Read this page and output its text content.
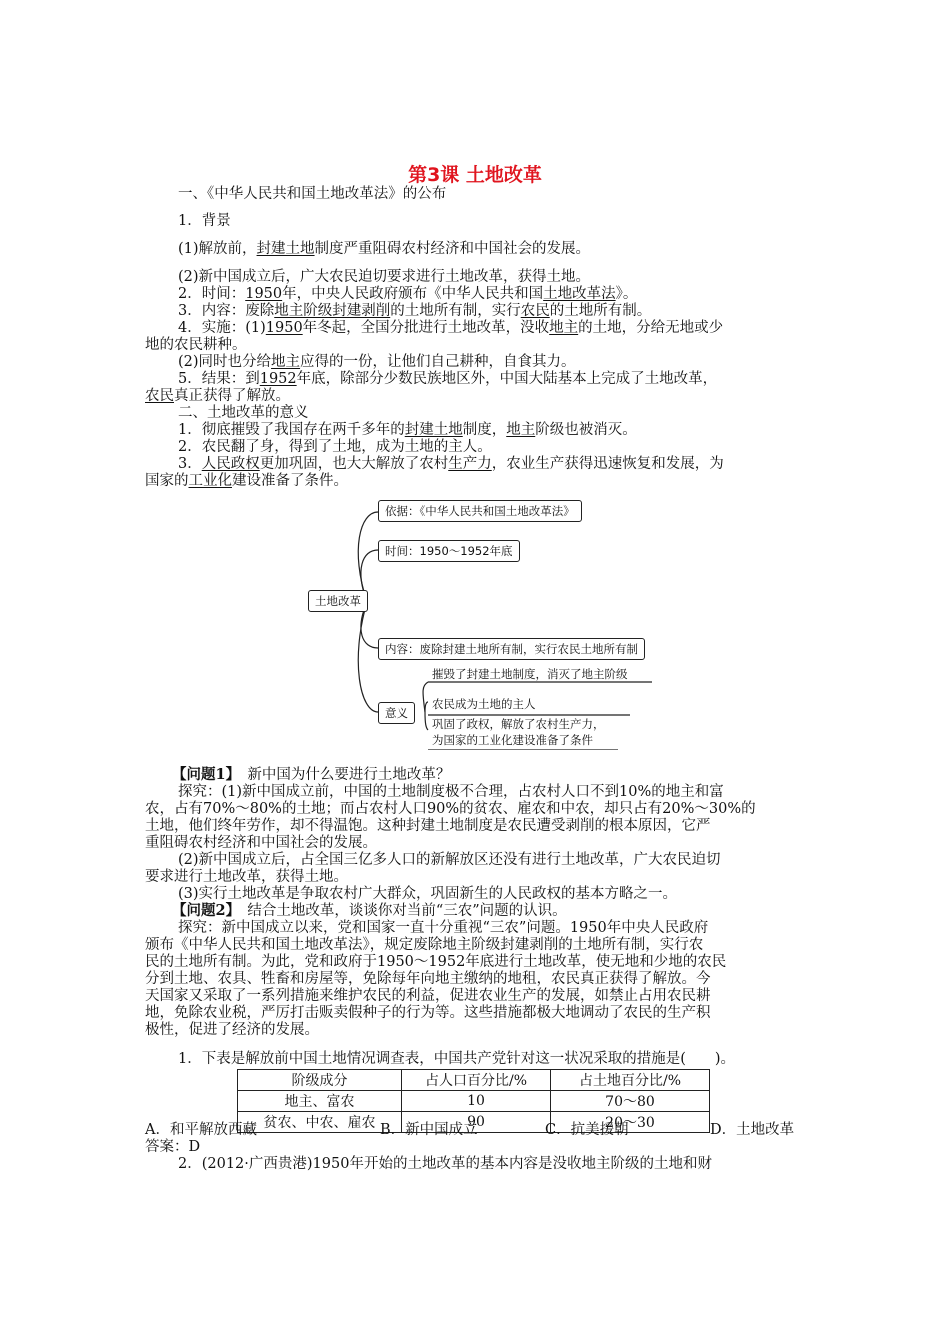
第3课 土地改革
一、《中华人民共和国土地改革法》的公布
1．背景
(1)解放前，封建土地制度严重阻碍农村经济和中国社会的发展。
(2)新中国成立后，广大农民迫切要求进行土地改革，获得土地。
2．时间：1950年，中央人民政府颁布《中华人民共和国土地改革法》。
3．内容：废除地主阶级封建剥削的土地所有制，实行农民的土地所有制。
4．实施：(1)1950年冬起，全国分批进行土地改革，没收地主的土地，分给无地或少
地的农民耕种。
(2)同时也分给地主应得的一份，让他们自己耕种，自食其力。
5．结果：到1952年底，除部分少数民族地区外，中国大陆基本上完成了土地改革，
农民真正获得了解放。
二、土地改革的意义
1．彻底摧毁了我国存在两千多年的封建土地制度，地主阶级也被消灭。
2．农民翻了身，得到了土地，成为土地的主人。
3．人民政权更加巩固，也大大解放了农村生产力，农业生产获得迅速恢复和发展，为
国家的工业化建设准备了条件。
土地改革
依据：《中华人民共和国土地改革法》
时间：1950～1952年底
内容：废除封建土地所有制，实行农民土地所有制
意义
摧毁了封建土地制度，消灭了地主阶级
农民成为土地的主人
巩固了政权，解放了农村生产力，
为国家的工业化建设准备了条件
【问题1】　 新中国为什么要进行土地改革？
探究：(1)新中国成立前，中国的土地制度极不合理，占农村人口不到10%的地主和富
农，占有70%～80%的土地；而占农村人口90%的贫农、雇农和中农，却只占有20%～30%的
土地，他们终年劳作，却不得温饱。这种封建土地制度是农民遭受剥削的根本原因，它严
重阻碍农村经济和中国社会的发展。
(2)新中国成立后，占全国三亿多人口的新解放区还没有进行土地改革，广大农民迫切
要求进行土地改革，获得土地。
(3)实行土地改革是争取农村广大群众，巩固新生的人民政权的基本方略之一。
【问题2】　 结合土地改革，谈谈你对当前“三农”问题的认识。
探究：新中国成立以来，党和国家一直十分重视“三农”问题。1950年中央人民政府
颁布《中华人民共和国土地改革法》，规定废除地主阶级封建剥削的土地所有制，实行农
民的土地所有制。为此，党和政府于1950～1952年底进行土地改革，使无地和少地的农民
分到土地、农具、牲畜和房屋等，免除每年向地主缴纳的地租，农民真正获得了解放。今
天国家又采取了一系列措施来维护农民的利益，促进农业生产的发展，如禁止占用农民耕
地，免除农业税，严厉打击贩卖假种子的行为等。这些措施都极大地调动了农民的生产积
极性，促进了经济的发展。
1．下表是解放前中国土地情况调查表，中国共产党针对这一状况采取的措施是(　　)。
阶级成分	占人口百分比/%	占土地百分比/%
地主、富农	10	70～80
贫农、中农、雇农	90	20～30
A．和平解放西藏	B．新中国成立	C．抗美援朝	D．土地改革
答案：D
2．(2012·广西贵港)1950年开始的土地改革的基本内容是没收地主阶级的土地和财
